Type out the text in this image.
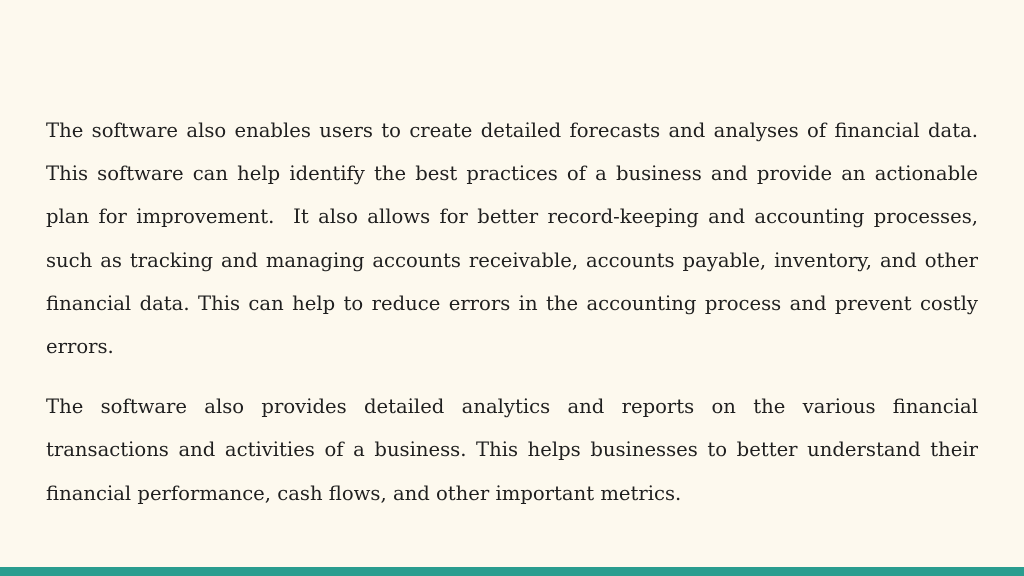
The software also enables users to create detailed forecasts and analyses of financial data. This software can help identify the best practices of a business and provide an actionable plan for improvement.  It also allows for better record-keeping and accounting processes, such as tracking and managing accounts receivable, accounts payable, inventory, and other financial data. This can help to reduce errors in the accounting process and prevent costly errors.

The software also provides detailed analytics and reports on the various financial transactions and activities of a business. This helps businesses to better understand their financial performance, cash flows, and other important metrics.
